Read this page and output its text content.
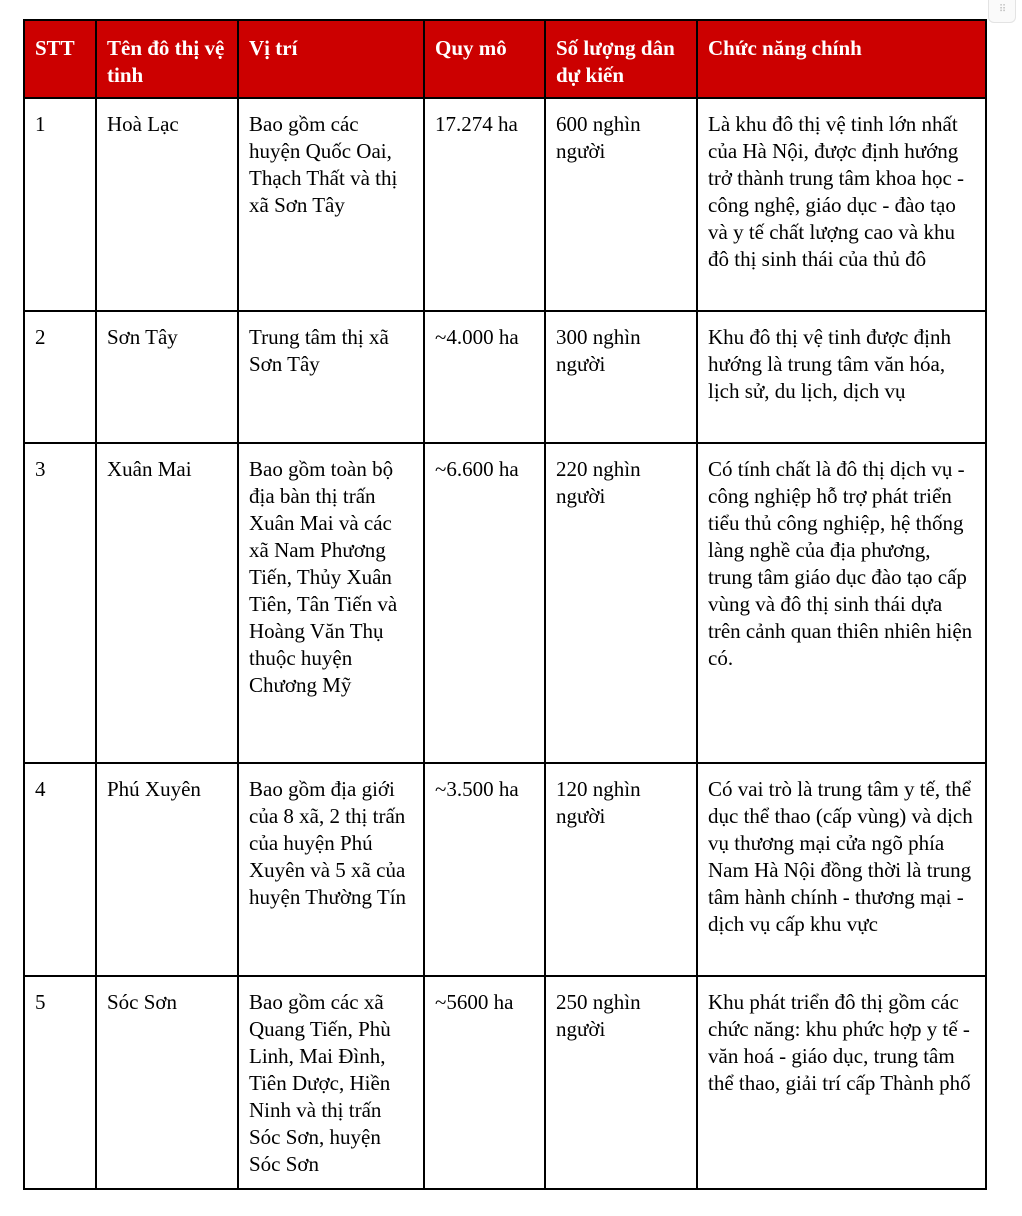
⠿
STT	Tên đô thị vệ tinh	Vị trí	Quy mô	Số lượng dân dự kiến	Chức năng chính
1	Hoà Lạc	Bao gồm các huyện Quốc Oai, Thạch Thất và thị xã Sơn Tây	17.274 ha	600 nghìn người	Là khu đô thị vệ tinh lớn nhất của Hà Nội, được định hướng trở thành trung tâm khoa học - công nghệ, giáo dục - đào tạo và y tế chất lượng cao và khu đô thị sinh thái của thủ đô
2	Sơn Tây	Trung tâm thị xã Sơn Tây	~4.000 ha	300 nghìn người	Khu đô thị vệ tinh được định hướng là trung tâm văn hóa, lịch sử, du lịch, dịch vụ
3	Xuân Mai	Bao gồm toàn bộ địa bàn thị trấn Xuân Mai và các xã Nam Phương Tiến, Thủy Xuân Tiên, Tân Tiến và Hoàng Văn Thụ thuộc huyện Chương Mỹ	~6.600 ha	220 nghìn người	Có tính chất là đô thị dịch vụ - công nghiệp hỗ trợ phát triển tiểu thủ công nghiệp, hệ thống làng nghề của địa phương, trung tâm giáo dục đào tạo cấp vùng và đô thị sinh thái dựa trên cảnh quan thiên nhiên hiện có.
4	Phú Xuyên	Bao gồm địa giới của 8 xã, 2 thị trấn của huyện Phú Xuyên và 5 xã của huyện Thường Tín	~3.500 ha	120 nghìn người	Có vai trò là trung tâm y tế, thể dục thể thao (cấp vùng) và dịch vụ thương mại cửa ngõ phía Nam Hà Nội đồng thời là trung tâm hành chính - thương mại - dịch vụ cấp khu vực
5	Sóc Sơn	Bao gồm các xã Quang Tiến, Phù Linh, Mai Đình, Tiên Dược, Hiền Ninh và thị trấn Sóc Sơn, huyện Sóc Sơn	~5600 ha	250 nghìn người	Khu phát triển đô thị gồm các chức năng: khu phức hợp y tế - văn hoá - giáo dục, trung tâm thể thao, giải trí cấp Thành phố
